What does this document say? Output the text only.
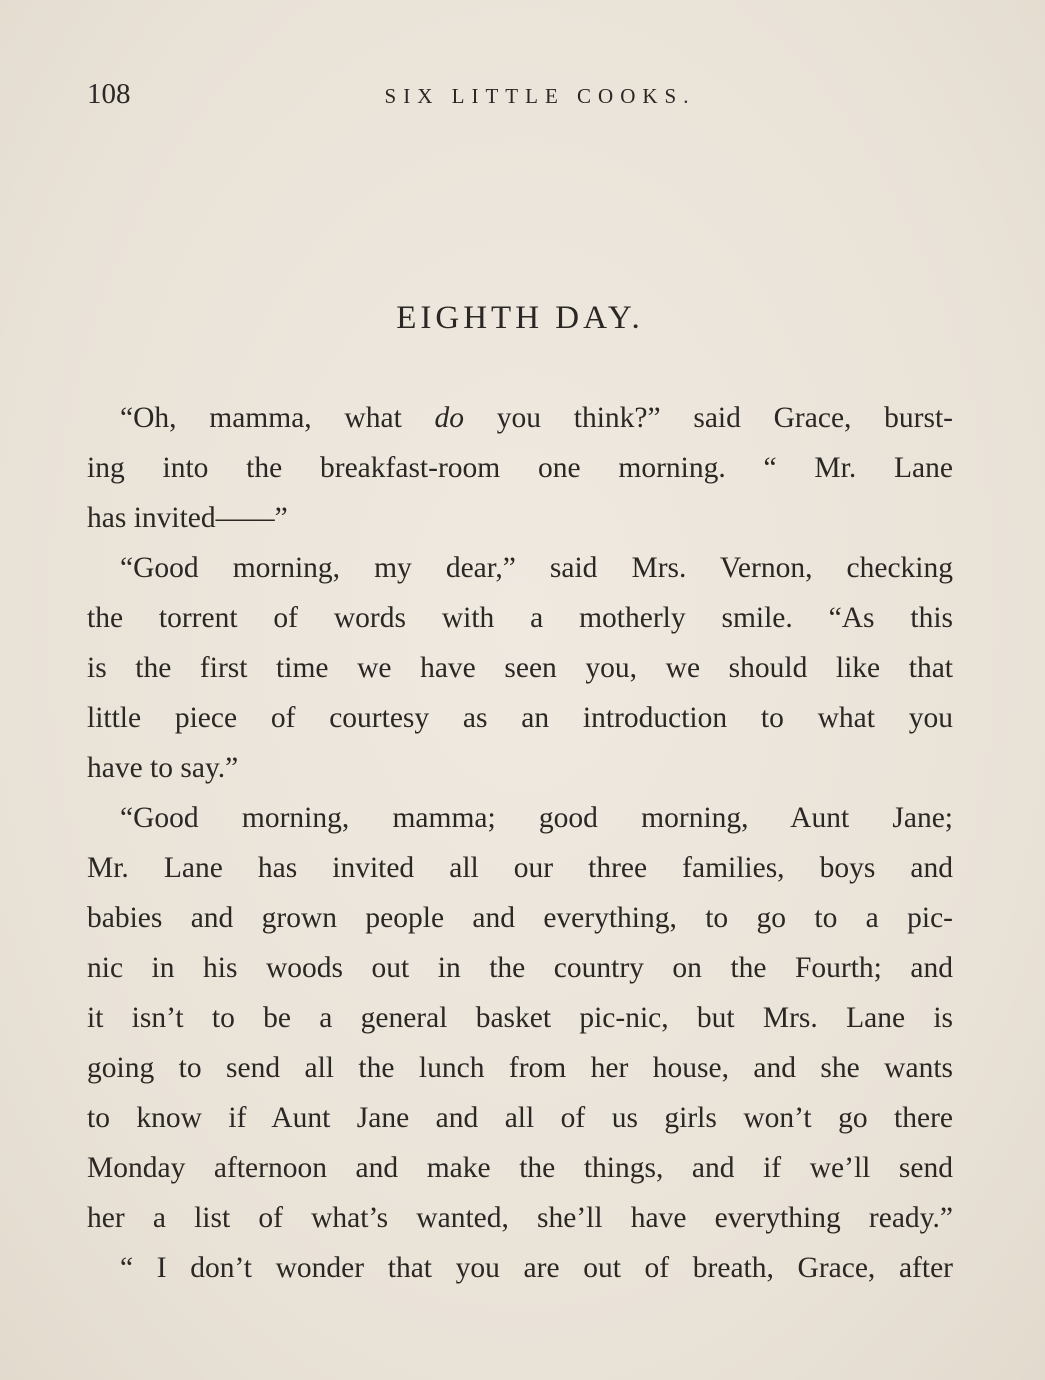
108	SIX LITTLE COOKS.
EIGHTH DAY.
“Oh, mamma, what do you think?” said Grace, burst-
ing into the breakfast-room one morning. “ Mr. Lane
has invited——”
“Good morning, my dear,” said Mrs. Vernon, checking
the torrent of words with a motherly smile. “As this
is the first time we have seen you, we should like that
little piece of courtesy as an introduction to what you
have to say.”
“Good morning, mamma; good morning, Aunt Jane;
Mr. Lane has invited all our three families, boys and
babies and grown people and everything, to go to a pic-
nic in his woods out in the country on the Fourth; and
it isn’t to be a general basket pic-nic, but Mrs. Lane is
going to send all the lunch from her house, and she wants
to know if Aunt Jane and all of us girls won’t go there
Monday afternoon and make the things, and if we’ll send
her a list of what’s wanted, she’ll have everything ready.”
“ I don’t wonder that you are out of breath, Grace, after
